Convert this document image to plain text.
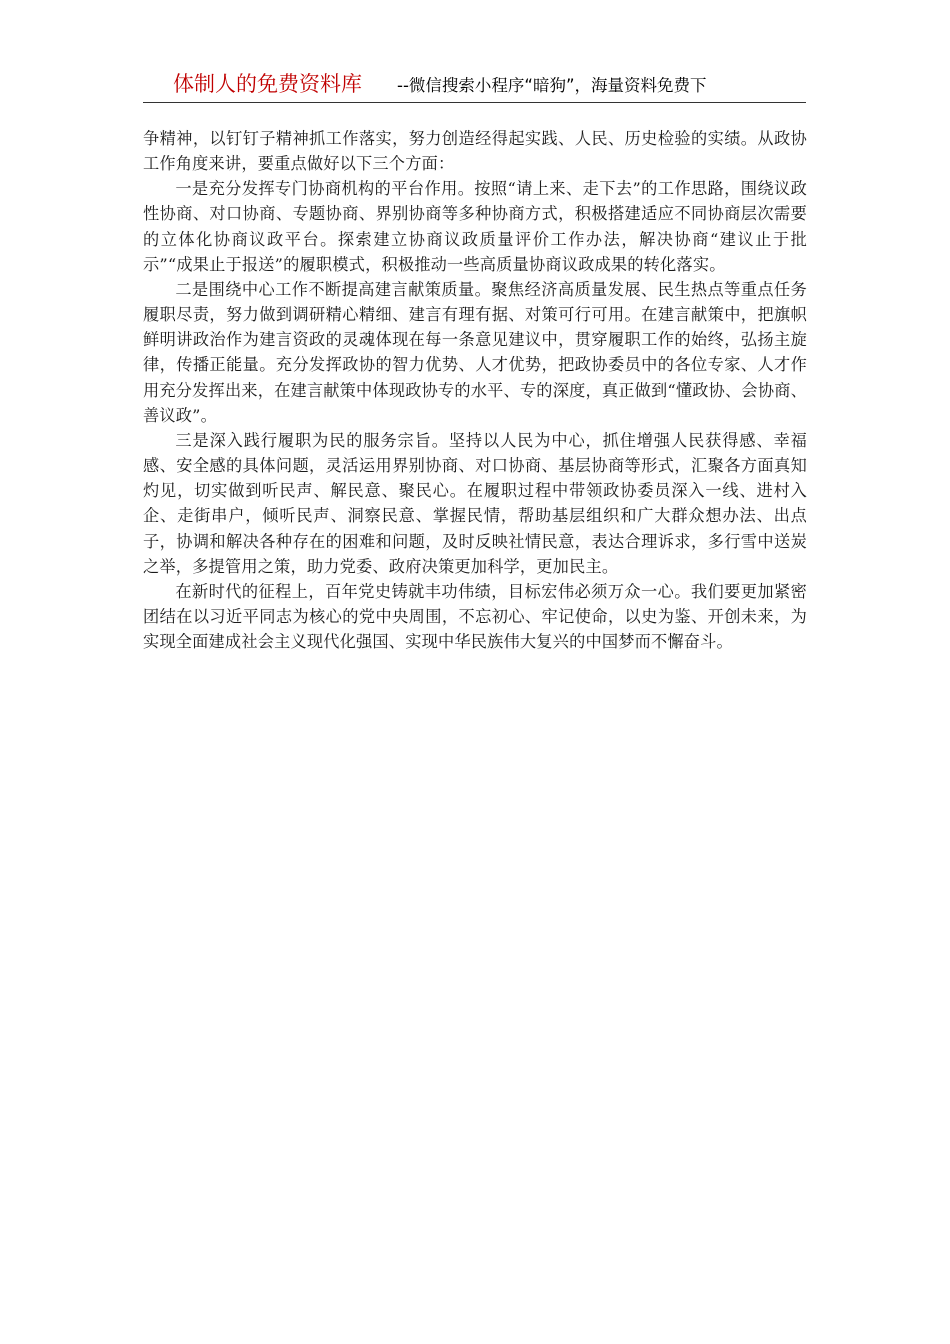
体制人的免费资料库 --微信搜索小程序“暗狗”，海量资料免费下

争精神，以钉钉子精神抓工作落实，努力创造经得起实践、人民、历史检验的实绩。从政协工作角度来讲，要重点做好以下三个方面：

一是充分发挥专门协商机构的平台作用。按照“请上来、走下去”的工作思路，围绕议政性协商、对口协商、专题协商、界别协商等多种协商方式，积极搭建适应不同协商层次需要的立体化协商议政平台。探索建立协商议政质量评价工作办法，解决协商“建议止于批示”“成果止于报送”的履职模式，积极推动一些高质量协商议政成果的转化落实。

二是围绕中心工作不断提高建言献策质量。聚焦经济高质量发展、民生热点等重点任务履职尽责，努力做到调研精心精细、建言有理有据、对策可行可用。在建言献策中，把旗帜鲜明讲政治作为建言资政的灵魂体现在每一条意见建议中，贯穿履职工作的始终，弘扬主旋律，传播正能量。充分发挥政协的智力优势、人才优势，把政协委员中的各位专家、人才作用充分发挥出来，在建言献策中体现政协专的水平、专的深度，真正做到“懂政协、会协商、善议政”。

三是深入践行履职为民的服务宗旨。坚持以人民为中心，抓住增强人民获得感、幸福感、安全感的具体问题，灵活运用界别协商、对口协商、基层协商等形式，汇聚各方面真知灼见，切实做到听民声、解民意、聚民心。在履职过程中带领政协委员深入一线、进村入企、走街串户，倾听民声、洞察民意、掌握民情，帮助基层组织和广大群众想办法、出点子，协调和解决各种存在的困难和问题，及时反映社情民意，表达合理诉求，多行雪中送炭之举，多提管用之策，助力党委、政府决策更加科学，更加民主。

在新时代的征程上，百年党史铸就丰功伟绩，目标宏伟必须万众一心。我们要更加紧密团结在以习近平同志为核心的党中央周围，不忘初心、牢记使命，以史为鉴、开创未来，为实现全面建成社会主义现代化强国、实现中华民族伟大复兴的中国梦而不懈奋斗。
